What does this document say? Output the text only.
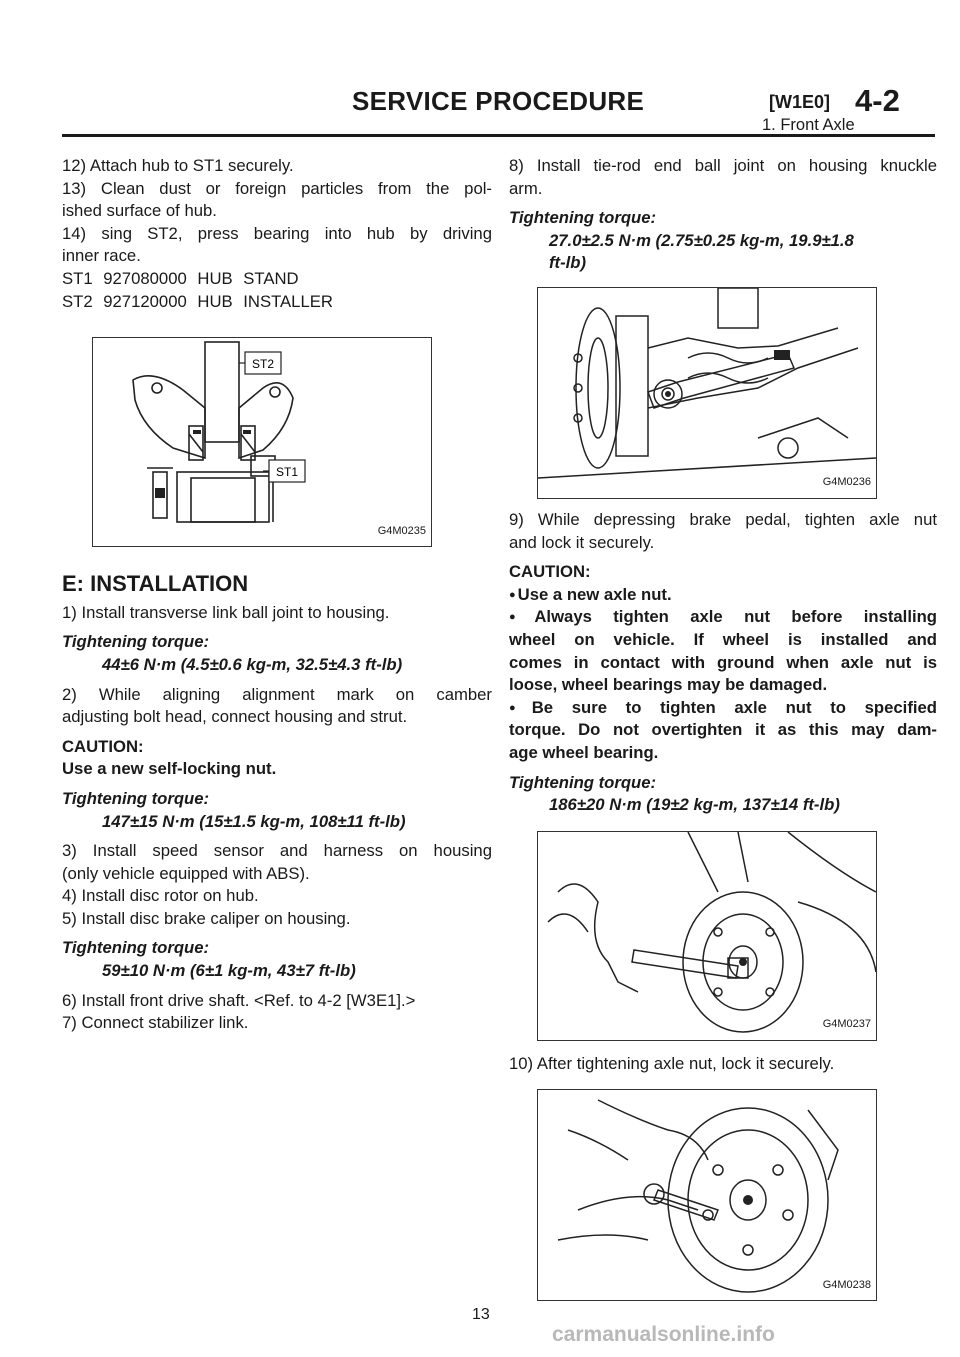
SERVICE PROCEDURE	[W1E0] 4-2
1. Front Axle

12) Attach hub to ST1 securely.

13) Clean dust or foreign particles from the pol-

ished surface of hub.

14) sing ST2, press bearing into hub by driving

inner race.

ST1 927080000 HUB STAND

ST2 927120000 HUB INSTALLER

ST2
ST1
G4M0235
E: INSTALLATION

1) Install transverse link ball joint to housing.

Tightening torque:

44±6 N·m (4.5±0.6 kg-m, 32.5±4.3 ft-lb)

2) While aligning alignment mark on camber

adjusting bolt head, connect housing and strut.

CAUTION:

Use a new self-locking nut.

Tightening torque:

147±15 N·m (15±1.5 kg-m, 108±11 ft-lb)

3) Install speed sensor and harness on housing

(only vehicle equipped with ABS).

4) Install disc rotor on hub.

5) Install disc brake caliper on housing.

Tightening torque:

59±10 N·m (6±1 kg-m, 43±7 ft-lb)

6) Install front drive shaft. <Ref. to 4-2 [W3E1].>

7) Connect stabilizer link.

8) Install tie-rod end ball joint on housing knuckle

arm.

Tightening torque:

27.0±2.5 N·m (2.75±0.25 kg-m, 19.9±1.8

ft-lb)

G4M0236

9) While depressing brake pedal, tighten axle nut

and lock it securely.

CAUTION:

● Use a new axle nut.

● Always tighten axle nut before installing

wheel on vehicle. If wheel is installed and

comes in contact with ground when axle nut is

loose, wheel bearings may be damaged.

● Be sure to tighten axle nut to specified

torque. Do not overtighten it as this may dam-

age wheel bearing.

Tightening torque:

186±20 N·m (19±2 kg-m, 137±14 ft-lb)

G4M0237

10) After tightening axle nut, lock it securely.

G4M0238
13
carmanualsonline.info
